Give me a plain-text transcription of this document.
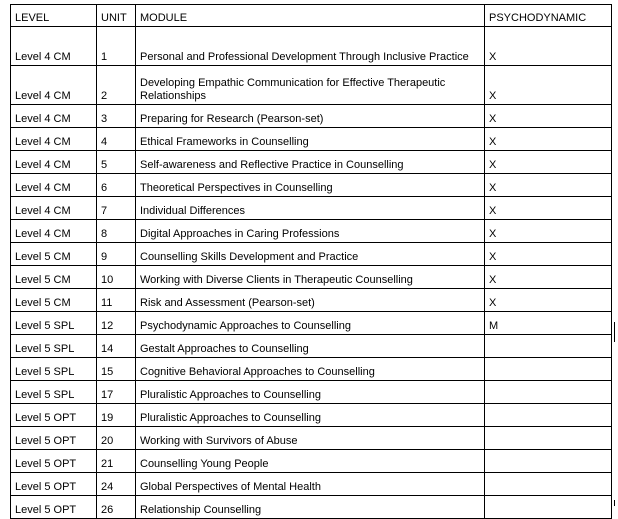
LEVEL	UNIT	MODULE	PSYCHODYNAMIC
Level 4 CM	1	Personal and Professional Development Through Inclusive Practice	X
Level 4 CM	2	Developing Empathic Communication for Effective Therapeutic Relationships	X
Level 4 CM	3	Preparing for Research (Pearson-set)	X
Level 4 CM	4	Ethical Frameworks in Counselling	X
Level 4 CM	5	Self-awareness and Reflective Practice in Counselling	X
Level 4 CM	6	Theoretical Perspectives in Counselling	X
Level 4 CM	7	Individual Differences	X
Level 4 CM	8	Digital Approaches in Caring Professions	X
Level 5 CM	9	Counselling Skills Development and Practice	X
Level 5 CM	10	Working with Diverse Clients in Therapeutic Counselling	X
Level 5 CM	11	Risk and Assessment (Pearson-set)	X
Level 5 SPL	12	Psychodynamic Approaches to Counselling	M
Level 5 SPL	14	Gestalt Approaches to Counselling	
Level 5 SPL	15	Cognitive Behavioral Approaches to Counselling	
Level 5 SPL	17	Pluralistic Approaches to Counselling	
Level 5 OPT	19	Pluralistic Approaches to Counselling	
Level 5 OPT	20	Working with Survivors of Abuse	
Level 5 OPT	21	Counselling Young People	
Level 5 OPT	24	Global Perspectives of Mental Health	
Level 5 OPT	26	Relationship Counselling	
